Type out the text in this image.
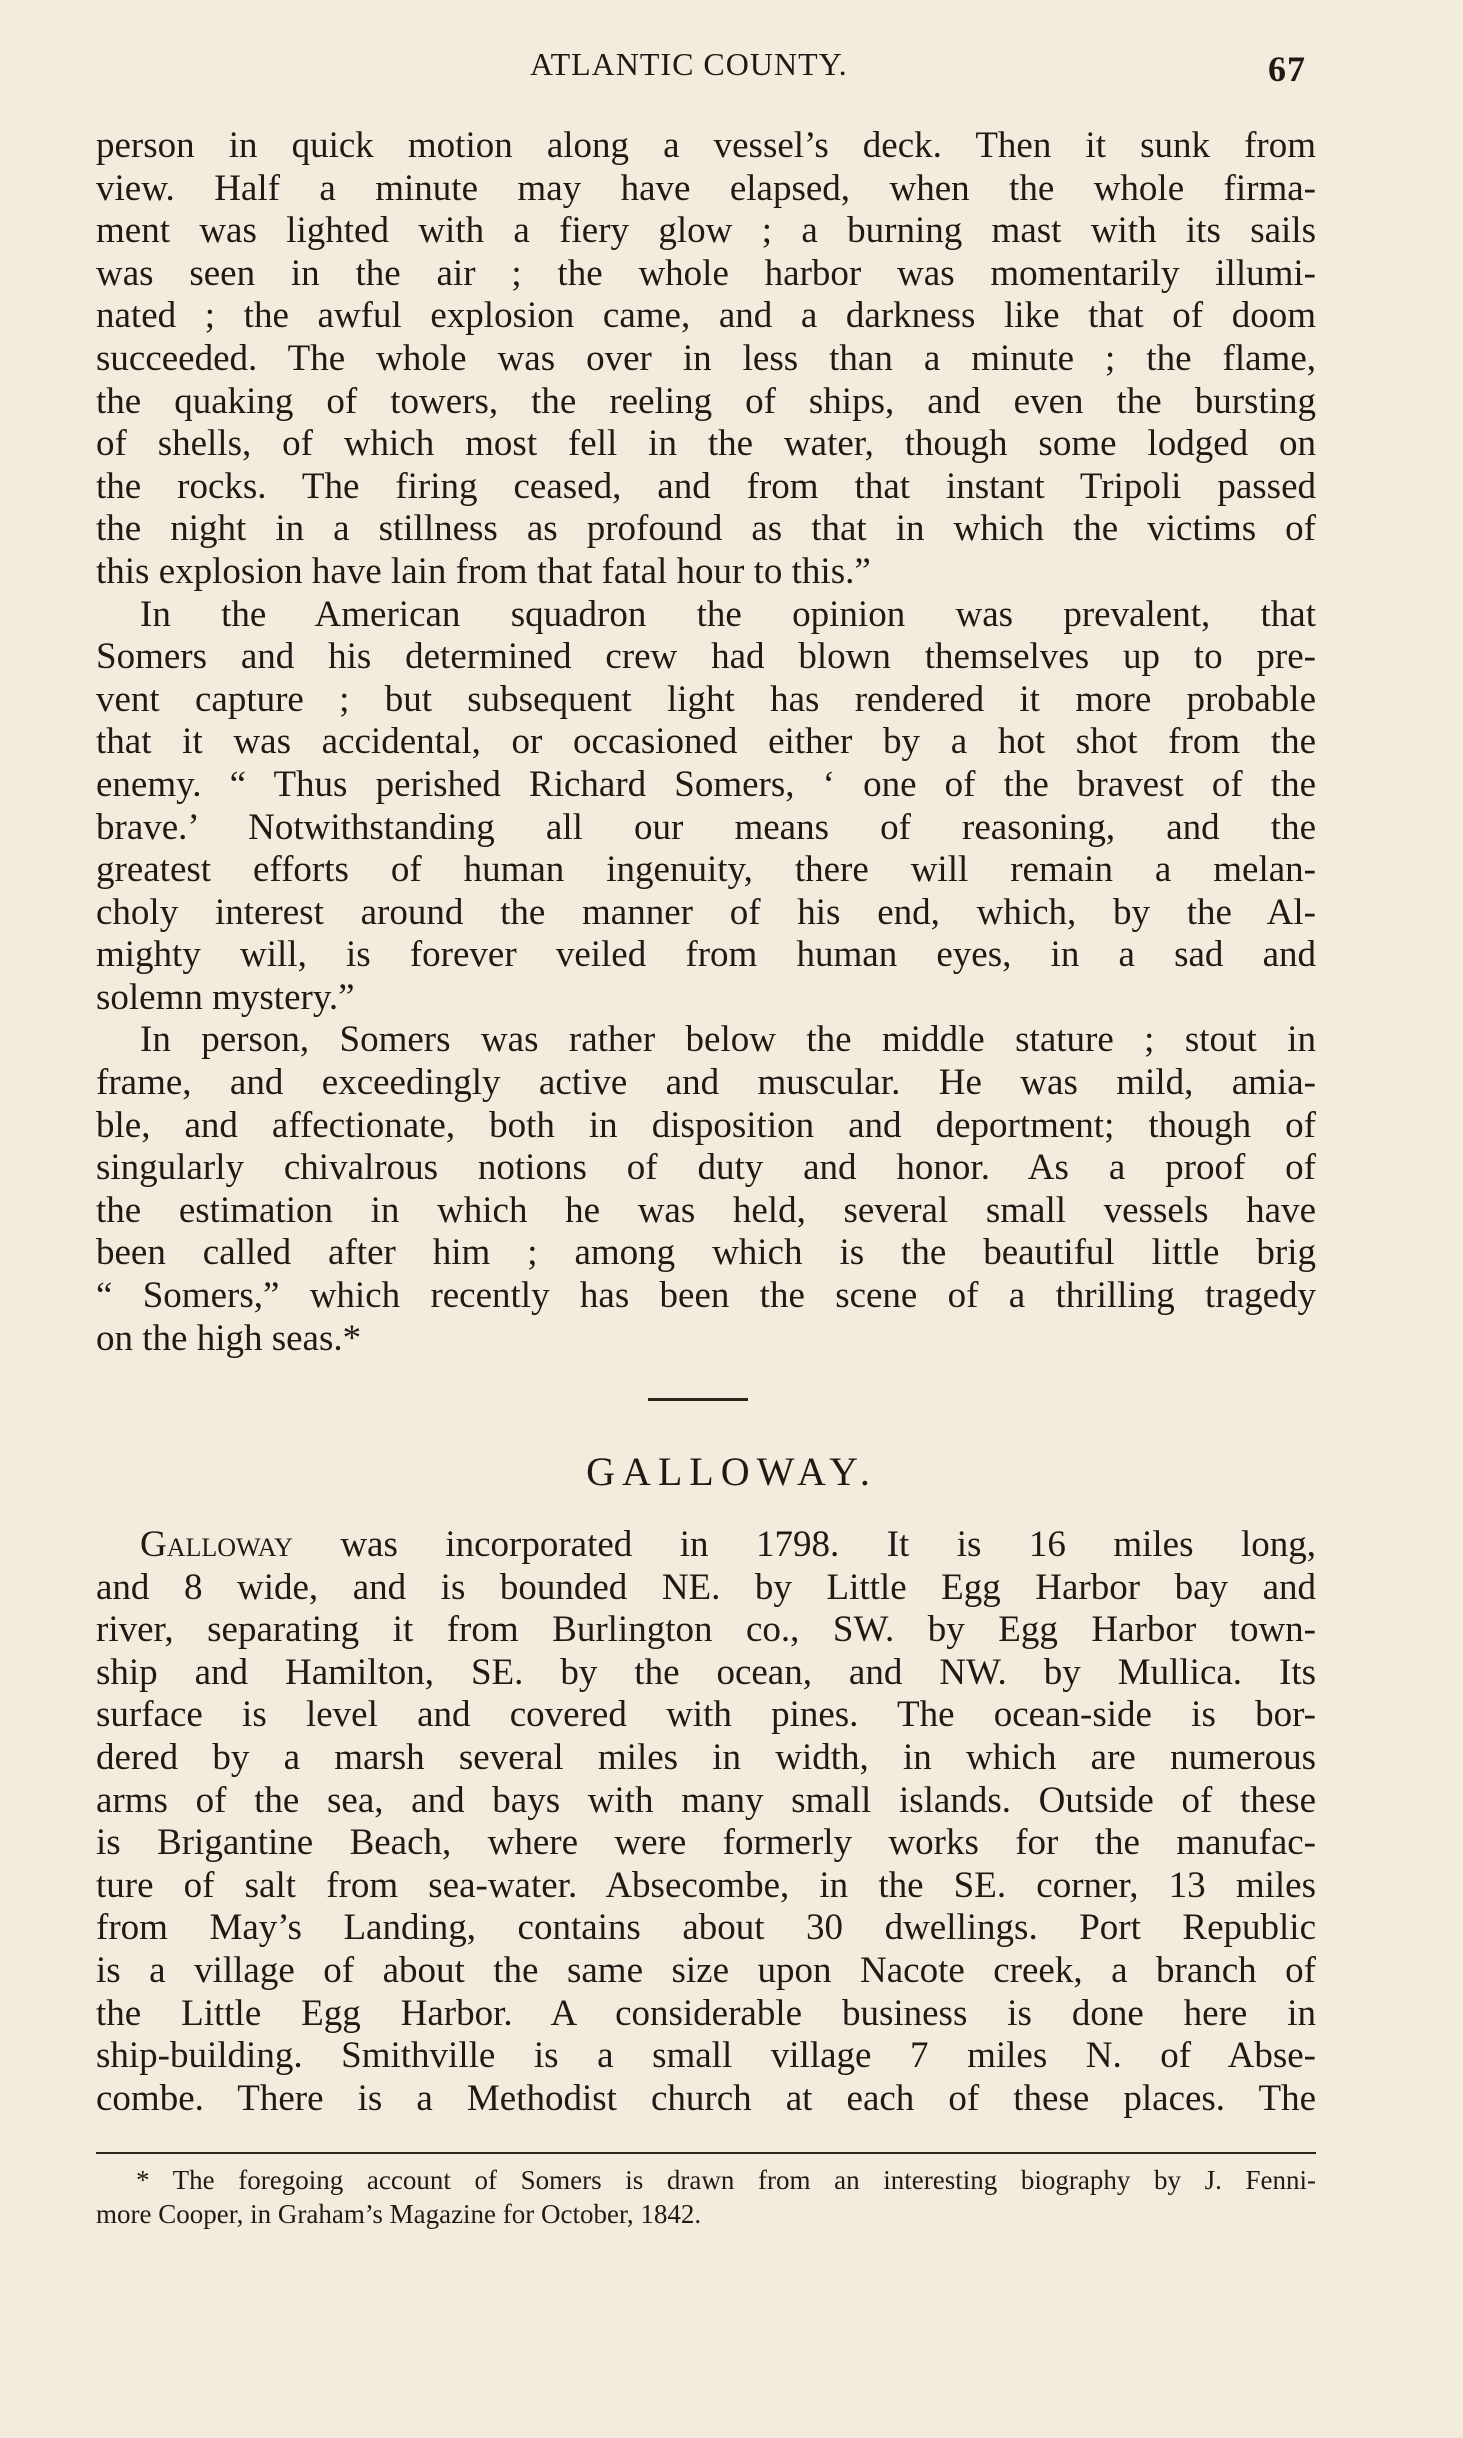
ATLANTIC COUNTY.	67
person in quick motion along a vessel’s deck. Then it sunk from
view. Half a minute may have elapsed, when the whole firma-
ment was lighted with a fiery glow ; a burning mast with its sails
was seen in the air ; the whole harbor was momentarily illumi-
nated ; the awful explosion came, and a darkness like that of doom
succeeded. The whole was over in less than a minute ; the flame,
the quaking of towers, the reeling of ships, and even the bursting
of shells, of which most fell in the water, though some lodged on
the rocks. The firing ceased, and from that instant Tripoli passed
the night in a stillness as profound as that in which the victims of
this explosion have lain from that fatal hour to this.”
In the American squadron the opinion was prevalent, that
Somers and his determined crew had blown themselves up to pre-
vent capture ; but subsequent light has rendered it more probable
that it was accidental, or occasioned either by a hot shot from the
enemy. “ Thus perished Richard Somers, ‘ one of the bravest of the
brave.’ Notwithstanding all our means of reasoning, and the
greatest efforts of human ingenuity, there will remain a melan-
choly interest around the manner of his end, which, by the Al-
mighty will, is forever veiled from human eyes, in a sad and
solemn mystery.”
In person, Somers was rather below the middle stature ; stout in
frame, and exceedingly active and muscular. He was mild, amia-
ble, and affectionate, both in disposition and deportment; though of
singularly chivalrous notions of duty and honor. As a proof of
the estimation in which he was held, several small vessels have
been called after him ; among which is the beautiful little brig
“ Somers,” which recently has been the scene of a thrilling tragedy
on the high seas.*
GALLOWAY.
Galloway was incorporated in 1798. It is 16 miles long,
and 8 wide, and is bounded NE. by Little Egg Harbor bay and
river, separating it from Burlington co., SW. by Egg Harbor town-
ship and Hamilton, SE. by the ocean, and NW. by Mullica. Its
surface is level and covered with pines. The ocean-side is bor-
dered by a marsh several miles in width, in which are numerous
arms of the sea, and bays with many small islands. Outside of these
is Brigantine Beach, where were formerly works for the manufac-
ture of salt from sea-water. Absecombe, in the SE. corner, 13 miles
from May’s Landing, contains about 30 dwellings. Port Republic
is a village of about the same size upon Nacote creek, a branch of
the Little Egg Harbor. A considerable business is done here in
ship-building. Smithville is a small village 7 miles N. of Abse-
combe. There is a Methodist church at each of these places. The
* The foregoing account of Somers is drawn from an interesting biography by J. Fenni-
more Cooper, in Graham’s Magazine for October, 1842.
